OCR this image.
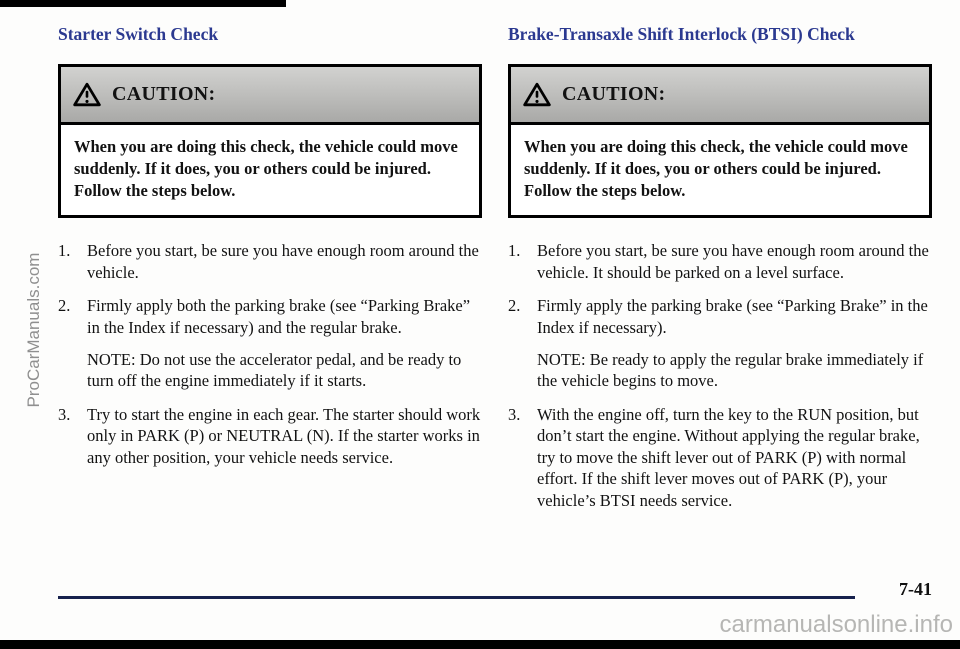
Starter Switch Check
CAUTION:
When you are doing this check, the vehicle could move suddenly. If it does, you or others could be injured. Follow the steps below.
1.	Before you start, be sure you have enough room around the vehicle.

2.	Firmly apply both the parking brake (see “Parking Brake” in the Index if necessary) and the regular brake.

NOTE: Do not use the accelerator pedal, and be ready to turn off the engine immediately if it starts.

3.	Try to start the engine in each gear. The starter should work only in PARK (P) or NEUTRAL (N). If the starter works in any other position, your vehicle needs service.

Brake-Transaxle Shift Interlock (BTSI) Check
CAUTION:
When you are doing this check, the vehicle could move suddenly. If it does, you or others could be injured. Follow the steps below.
1.	Before you start, be sure you have enough room around the vehicle. It should be parked on a level surface.

2.	Firmly apply the parking brake (see “Parking Brake” in the Index if necessary).

NOTE: Be ready to apply the regular brake immediately if the vehicle begins to move.

3.	With the engine off, turn the key to the RUN position, but don’t start the engine. Without applying the regular brake, try to move the shift lever out of PARK (P) with normal effort. If the shift lever moves out of PARK (P), your vehicle’s BTSI needs service.

7-41
ProCarManuals.com
carmanualsonline.info
